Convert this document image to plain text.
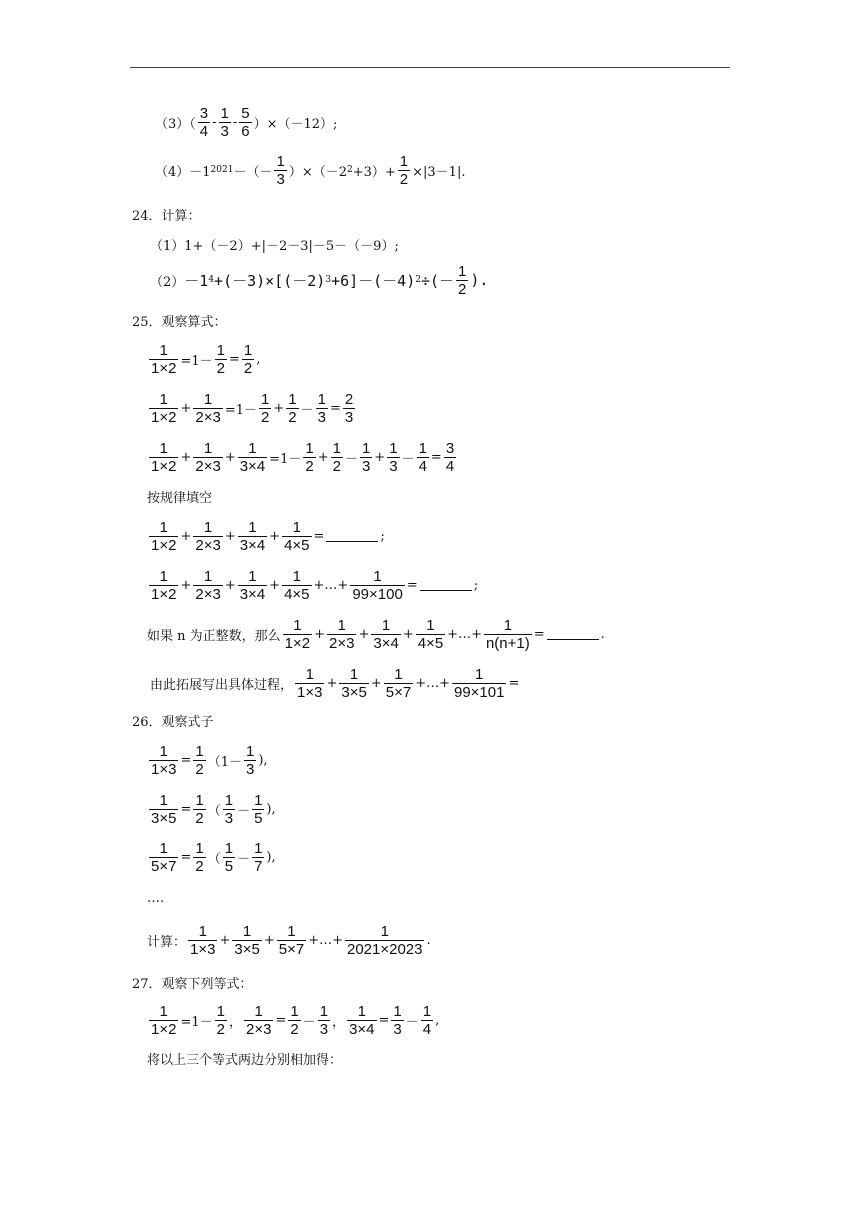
$(3)( \frac{3}{4} - \frac{1}{3} - \frac{5}{6} )\times(-12)$;
（4）－1 2021 －（－ $\frac{1}{3} )\times(-2$ $2 +3)+ \frac{1}{2} \times|3-1|$.
24．计算：
（1）1+（－2）+|－2－3|－5－（－9）;
（2） －1 4 +(－3)×[(－2) 3 +6]－(－4) 2 ÷(－ $\frac{1}{2}$ ).
25．观察算式：
$\frac{1}{1\times 2} =1- \frac{1}{2} = \frac{1}{2}$ ,
$\frac{1}{1\times 2} + \frac{1}{2\times 3} =1- \frac{1}{2} + \frac{1}{2} - \frac{1}{3} = \frac{2}{3}$
$\frac{1}{1\times 2} + \frac{1}{2\times 3} + \frac{1}{3\times 4} =1- \frac{1}{2} + \frac{1}{2} - \frac{1}{3} + \frac{1}{3} - \frac{1}{4} = \frac{3}{4}$
按规律填空
$\frac{1}{1\times 2} + \frac{1}{2\times 3} + \frac{1}{3\times 4} + \frac{1}{4\times 5}$ =	;
$\frac{1}{1\times 2} + \frac{1}{2\times 3} + \frac{1}{3\times 4} + \frac{1}{4\times 5}$ +…+ $\frac{1}{99\times 100}$ =	;
如果 n 为正整数，那么 $\frac{1}{1\times 2} + \frac{1}{2\times 3} + \frac{1}{3\times 4} + \frac{1}{4\times 5}$ +…+ $\frac{1}{n(n+1)}$ =	.
由此拓展写出具体过程， $\frac{1}{1\times 3} + \frac{1}{3\times 5} + \frac{1}{5\times 7}$ +…+ $\frac{1}{99\times 101}$ =
26．观察式子
$\frac{1}{1\times 3} = \frac{1}{2} (1- \frac{1}{3}$ ),
$\frac{1}{3\times 5} = \frac{1}{2}$ （ $\frac{1}{3} - \frac{1}{5}$ ),
$\frac{1}{5\times 7} = \frac{1}{2}$ （ $\frac{1}{5} - \frac{1}{7}$ ),
….
计算： $\frac{1}{1\times 3} + \frac{1}{3\times 5} + \frac{1}{5\times 7}$ +…+ $\frac{1}{2021\times 2023}$ .
27．观察下列等式：
$\frac{1}{1\times 2} =1- \frac{1}{2}$ ， $\frac{1}{2\times 3} = \frac{1}{2} - \frac{1}{3}$ ， $\frac{1}{3\times 4} = \frac{1}{3} - \frac{1}{4}$ ,
将以上三个等式两边分别相加得：
